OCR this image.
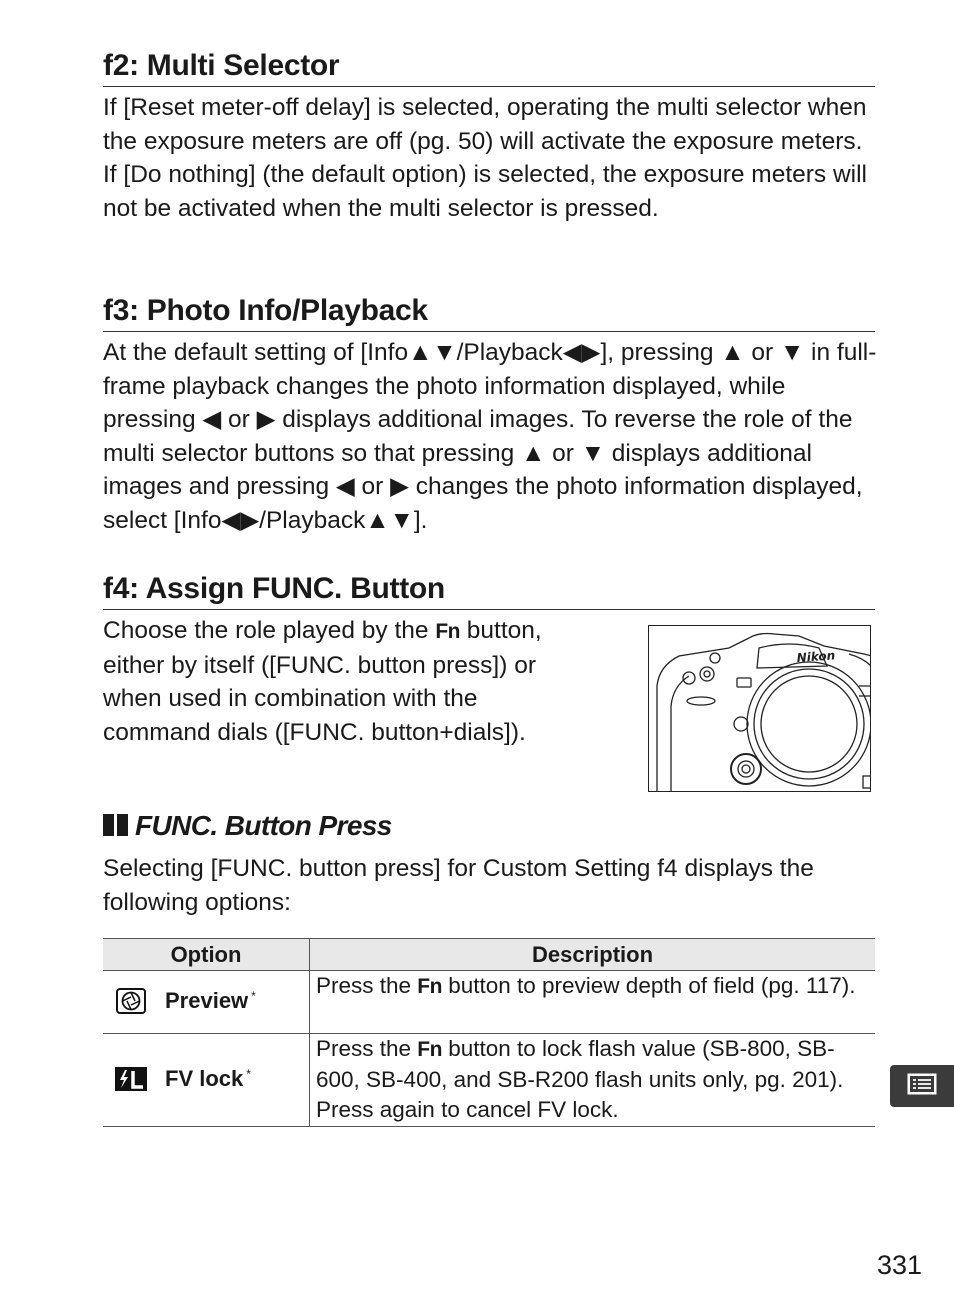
f2: Multi Selector

If [Reset meter-off delay] is selected, operating the multi selector when the exposure meters are off (pg. 50) will activate the exposure meters. If [Do nothing] (the default option) is selected, the exposure meters will not be activated when the multi selector is pressed.

f3: Photo Info/Playback

At the default setting of [Info▲▼/Playback◀▶], pressing ▲ or ▼ in full-frame playback changes the photo information displayed, while pressing ◀ or ▶ displays additional images. To reverse the role of the multi selector buttons so that pressing ▲ or ▼ displays additional images and pressing ◀ or ▶ changes the photo information displayed, select [Info◀▶/Playback▲▼].

f4: Assign FUNC. Button

Choose the role played by the Fn button, either by itself ([FUNC. button press]) or when used in combination with the command dials ([FUNC. button+dials]).

Nikon
FUNC. Button Press

Selecting [FUNC. button press] for Custom Setting f4 displays the following options:

Option	Description

Preview *	Press the Fn button to preview depth of field (pg. 117).

FV lock *	Press the Fn button to lock flash value (SB-800, SB-600, SB-400, and SB-R200 flash units only, pg. 201). Press again to cancel FV lock.
331
